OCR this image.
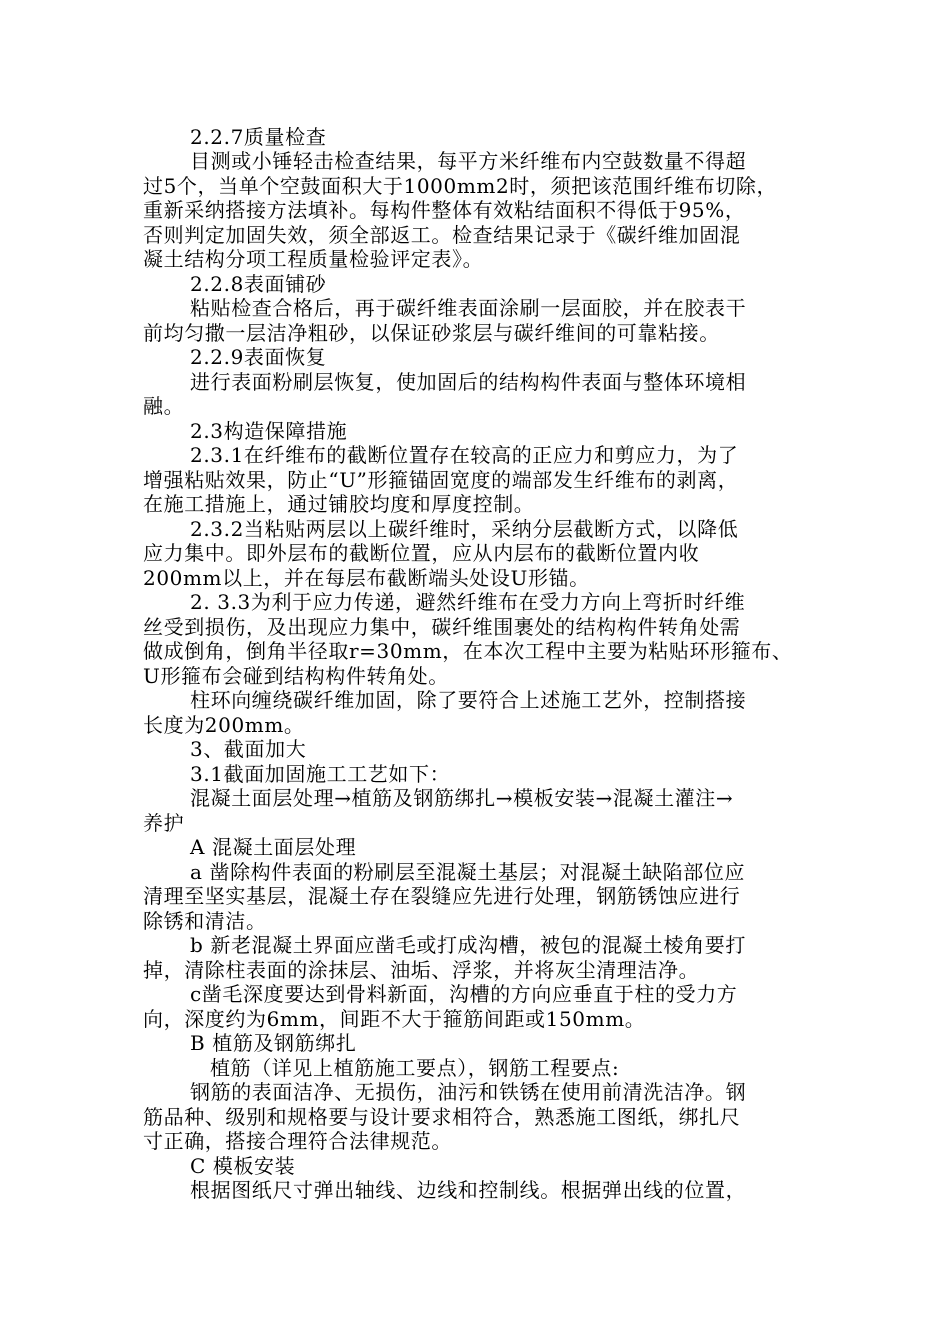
2.2.7质量检查
目测或小锤轻击检查结果，每平方米纤维布内空鼓数量不得超
过5个，当单个空鼓面积大于1000mm2时，须把该范围纤维布切除，
重新采纳搭接方法填补。每构件整体有效粘结面积不得低于95%，
否则判定加固失效，须全部返工。检查结果记录于《碳纤维加固混
凝土结构分项工程质量检验评定表》。
2.2.8表面铺砂
粘贴检查合格后，再于碳纤维表面涂刷一层面胶，并在胶表干
前均匀撒一层洁净粗砂，以保证砂浆层与碳纤维间的可靠粘接。
2.2.9表面恢复
进行表面粉刷层恢复，使加固后的结构构件表面与整体环境相
融。
2.3构造保障措施
2.3.1在纤维布的截断位置存在较高的正应力和剪应力，为了
增强粘贴效果，防止“U”形箍锚固宽度的端部发生纤维布的剥离，
在施工措施上，通过铺胶均度和厚度控制。
2.3.2当粘贴两层以上碳纤维时，采纳分层截断方式，以降低
应力集中。即外层布的截断位置，应从内层布的截断位置内收
200mm以上，并在每层布截断端头处设U形锚。
2. 3.3为利于应力传递，避然纤维布在受力方向上弯折时纤维
丝受到损伤，及出现应力集中，碳纤维围裹处的结构构件转角处需
做成倒角，倒角半径取r=30mm，在本次工程中主要为粘贴环形箍布、
U形箍布会碰到结构构件转角处。
柱环向缠绕碳纤维加固，除了要符合上述施工艺外，控制搭接
长度为200mm。
3、截面加大
3.1截面加固施工工艺如下：
混凝土面层处理→植筋及钢筋绑扎→模板安装→混凝土灌注→
养护
A 混凝土面层处理
a 凿除构件表面的粉刷层至混凝土基层；对混凝土缺陷部位应
清理至坚实基层，混凝土存在裂缝应先进行处理，钢筋锈蚀应进行
除锈和清洁。
b 新老混凝土界面应凿毛或打成沟槽，被包的混凝土棱角要打
掉，清除柱表面的涂抹层、油垢、浮浆，并将灰尘清理洁净。
c凿毛深度要达到骨料新面，沟槽的方向应垂直于柱的受力方
向，深度约为6mm，间距不大于箍筋间距或150mm。
B 植筋及钢筋绑扎
植筋（详见上植筋施工要点），钢筋工程要点:
钢筋的表面洁净、无损伤，油污和铁锈在使用前清洗洁净。钢
筋品种、级别和规格要与设计要求相符合，熟悉施工图纸，绑扎尺
寸正确，搭接合理符合法律规范。
C 模板安装
根据图纸尺寸弹出轴线、边线和控制线。根据弹出线的位置，
